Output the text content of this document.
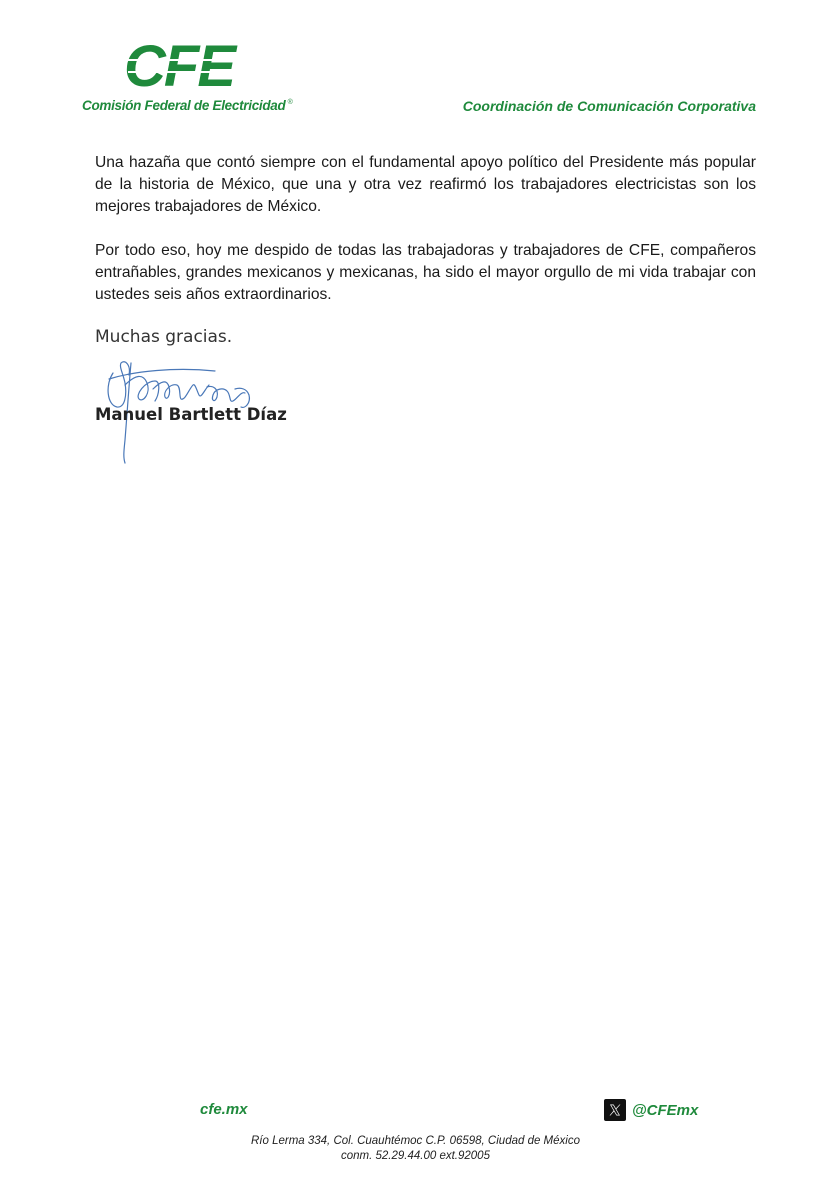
CFE
Comisión Federal de Electricidad ®	Coordinación de Comunicación Corporativa

Una hazaña que contó siempre con el fundamental apoyo político del Presidente más popular de la historia de México, que una y otra vez reafirmó los trabajadores electricistas son los mejores trabajadores de México.

Por todo eso, hoy me despido de todas las trabajadoras y trabajadores de CFE, compañeros entrañables, grandes mexicanos y mexicanas, ha sido el mayor orgullo de mi vida trabajar con ustedes seis años extraordinarios.

Muchas gracias.
Manuel Bartlett Díaz
cfe.mx	@CFEmx
Río Lerma 334, Col. Cuauhtémoc C.P. 06598, Ciudad de México
conm. 52.29.44.00 ext.92005
